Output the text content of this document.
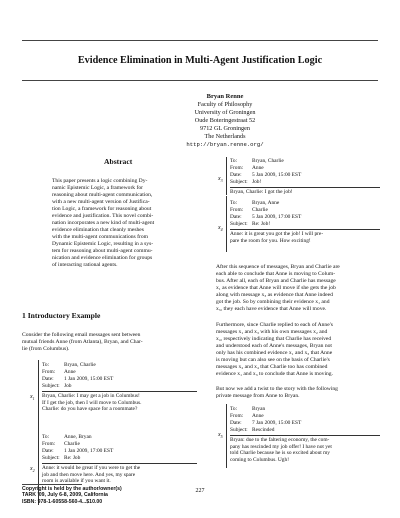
Evidence Elimination in Multi-Agent Justification Logic
Bryan Renne
Faculty of Philosophy
University of Groningen
Oude Boteringestraat 52
9712 GL Groningen
The Netherlands
http://bryan.renne.org/
Abstract
This paper presents a logic combining Dy-
namic Epistemic Logic, a framework for
reasoning about multi-agent communication,
with a new multi-agent version of Justifica-
tion Logic, a framework for reasoning about
evidence and justification. This novel combi-
nation incorporates a new kind of multi-agent
evidence elimination that cleanly meshes
with the multi-agent communications from
Dynamic Epistemic Logic, resulting in a sys-
tem for reasoning about multi-agent commu-
nication and evidence elimination for groups
of interacting rational agents.
1 Introductory Example
Consider the following email messages sent between
mutual friends Anne (from Atlanta), Bryan, and Char-
lie (from Columbus).
$x_1$
To:	Bryan, Charlie
From:	Anne
Date:	1 Jan 2009, 15:00 EST
Subject: Job
Bryan, Charlie: I may get a job in Columbus!
If I get the job, then I will move to Columbus.
Charlie: do you have space for a roommate?
$x_2$
To:	Anne, Bryan
From:	Charlie
Date:	1 Jan 2009, 17:00 EST
Subject: Re: Job
Anne: it would be great if you were to get the
job and then move here. And yes, my spare
room is available if you want it.
$x_3$
To:	Bryan, Charlie
From:	Anne
Date:	5 Jan 2009, 15:00 EST
Subject: Job!
Bryan, Charlie: I got the job!
$x_4$
To:	Bryan, Anne
From:	Charlie
Date:	5 Jan 2009, 17:00 EST
Subject: Re: Job!
Anne: it is great you got the job! I will pre-
pare the room for you. How exciting!
After this sequence of messages, Bryan and Charlie are
each able to conclude that Anne is moving to Colum-
bus. After all, each of Bryan and Charlie has message
x₁ as evidence that Anne will move if she gets the job
along with message x₃ as evidence that Anne indeed
got the job. So by combining their evidence x₁ and
x₃, they each have evidence that Anne will move.
Furthermore, since Charlie replied to each of Anne's
messages x₁ and x₃ with his own messages x₂ and
x₄, respectively indicating that Charlie has received
and understood each of Anne's messages, Bryan not
only has his combined evidence x₁ and x₃ that Anne
is moving but can also see on the basis of Charlie's
messages x₂ and x₄ that Charlie too has combined
evidence x₁ and x₃ to conclude that Anne is moving.
But now we add a twist to the story with the following
private message from Anne to Bryan.
$x_5$
To:	Bryan
From:	Anne
Date:	7 Jan 2009, 15:00 EST
Subject: Rescinded
Bryan: due to the faltering economy, the com-
pany has rescinded my job offer! I have not yet
told Charlie because he is so excited about my
coming to Columbus. Ugh!
Copyright is held by the author/owner(s)
TARK '09, July 6-8, 2009, California
ISBN: 978-1-60558-560-4...$10.00
227
